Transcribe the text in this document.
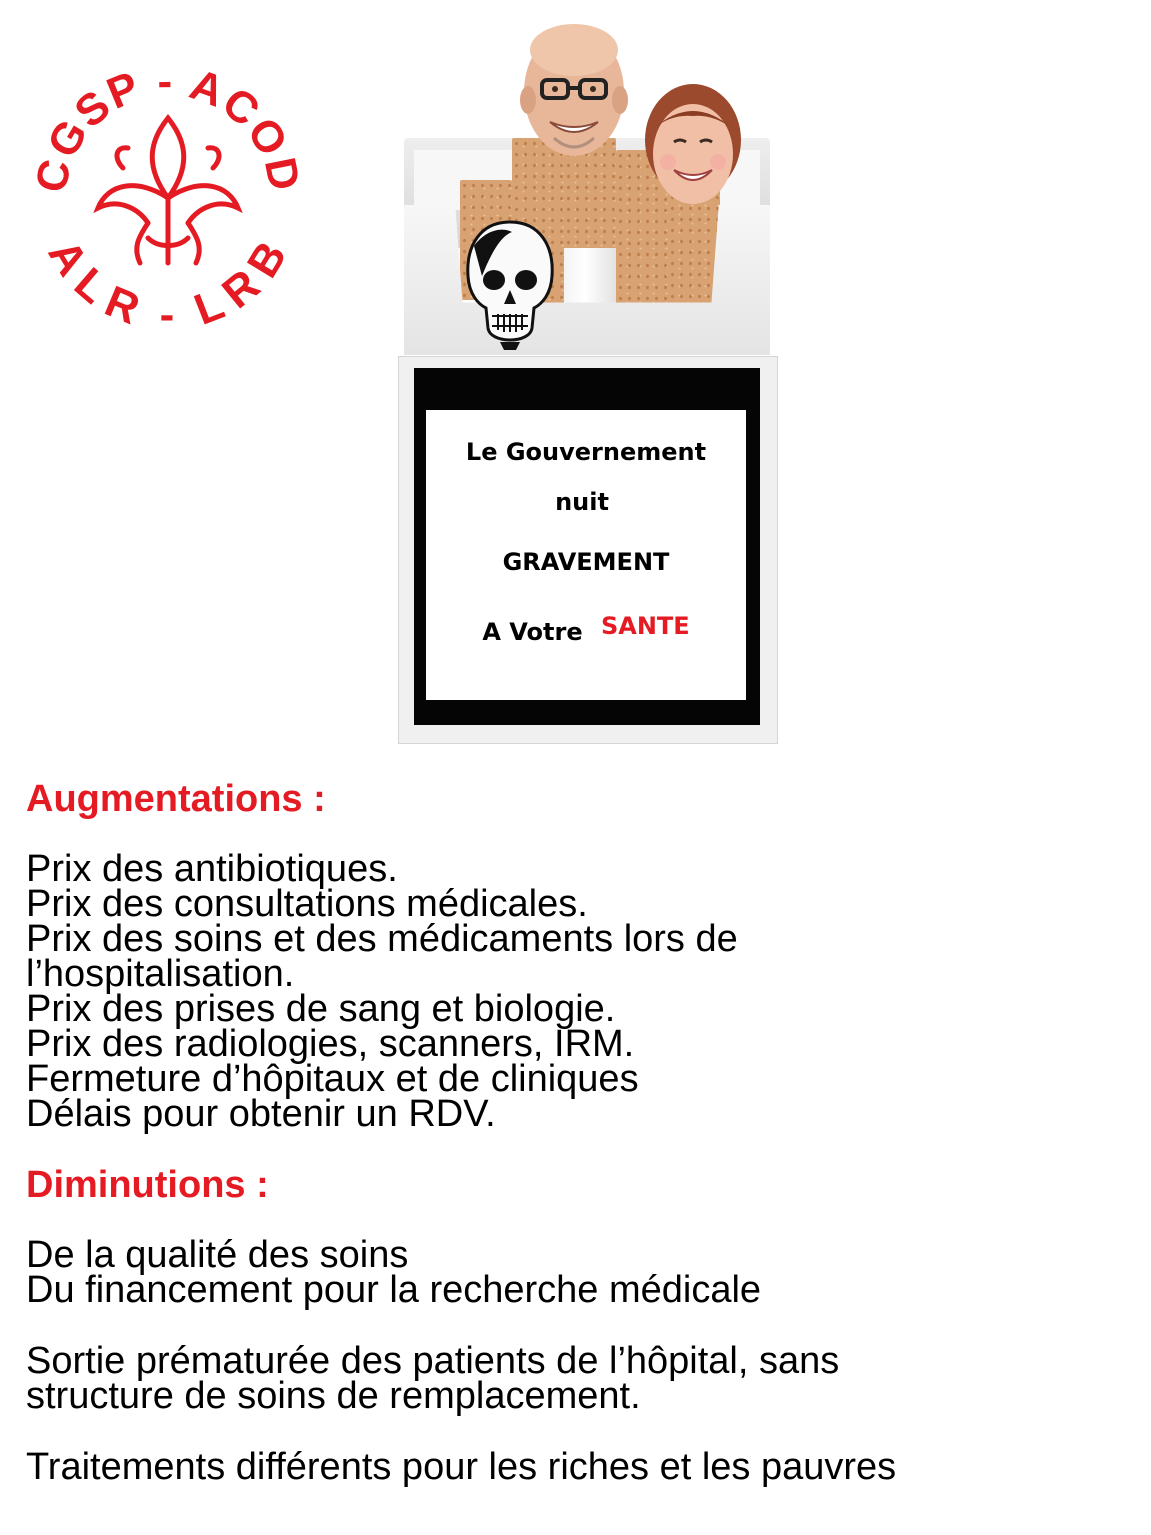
CGSP - ACOD
ALR - LRB
Le Gouvernement
nuit
GRAVEMENT
A Votre SANTE
Augmentations :
Prix des antibiotiques.
Prix des consultations médicales.
Prix des soins et des médicaments lors de
l’hospitalisation.
Prix des prises de sang et biologie.
Prix des radiologies, scanners, IRM.
Fermeture d’hôpitaux et de cliniques
Délais pour obtenir un RDV.
Diminutions :
De la qualité des soins
Du financement pour la recherche médicale
Sortie prématurée des patients de l’hôpital, sans
structure de soins de remplacement.
Traitements différents pour les riches et les pauvres
